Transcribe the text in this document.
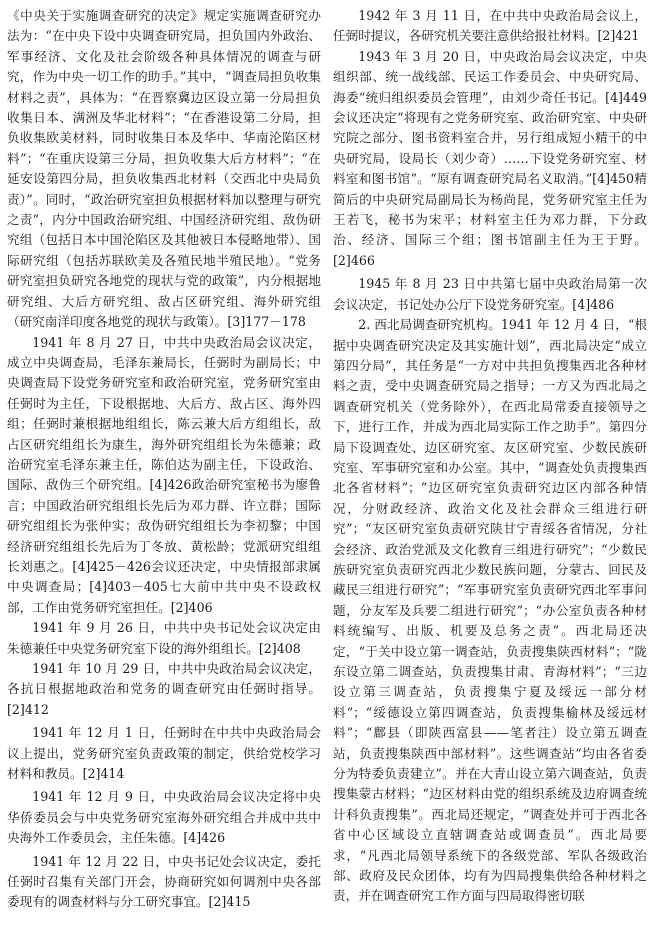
《中央关于实施调查研究的决定》规定实施调查研究办法为：“在中央下设中央调查研究局，担负国内外政治、军事经济、文化及社会阶级各种具体情况的调查与研究，作为中央一切工作的助手。”其中，“调查局担负收集材料之责”，具体为：“在晋察冀边区设立第一分局担负收集日本、满洲及华北材料”；“在香港设第二分局，担负收集欧美材料，同时收集日本及华中、华南沦陷区材料”；“在重庆设第三分局，担负收集大后方材料”；“在延安设第四分局，担负收集西北材料（交西北中央局负责）”。同时，“政治研究室担负根据材料加以整理与研究之责”，内分中国政治研究组、中国经济研究组、敌伪研究组（包括日本中国沦陷区及其他被日本侵略地带）、国际研究组（包括苏联欧美及各殖民地半殖民地）。“党务研究室担负研究各地党的现状与党的政策”，内分根据地研究组、大后方研究组、敌占区研究组、海外研究组（研究南洋印度各地党的现状与政策）。[3]177－178

1941 年 8 月 27 日，中共中央政治局会议决定，成立中央调查局，毛泽东兼局长，任弼时为副局长；中央调查局下设党务研究室和政治研究室，党务研究室由任弼时为主任，下设根据地、大后方、敌占区、海外四组；任弼时兼根据地组组长，陈云兼大后方组组长，敌占区研究组组长为康生，海外研究组组长为朱德兼；政治研究室毛泽东兼主任，陈伯达为副主任，下设政治、国际、敌伪三个研究组。[4]426政治研究室秘书为廖鲁言；中国政治研究组组长先后为邓力群、许立群；国际研究组组长为张仲实；敌伪研究组组长为李初黎；中国经济研究组组长先后为丁冬放、黄松龄；党派研究组组长刘惠之。[4]425－426会议还决定，中央情报部隶属中央调查局；[4]403－405七大前中共中央不设政权部，工作由党务研究室担任。[2]406

1941 年 9 月 26 日，中共中央书记处会议决定由朱德兼任中央党务研究室下设的海外组组长。[2]408

1941 年 10 月 29 日，中共中央政治局会议决定，各抗日根据地政治和党务的调查研究由任弼时指导。[2]412

1941 年 12 月 1 日，任弼时在中共中央政治局会议上提出，党务研究室负责政策的制定，供给党校学习材料和教员。[2]414

1941 年 12 月 9 日，中央政治局会议决定将中央华侨委员会与中央党务研究室海外研究组合并成中共中央海外工作委员会，主任朱德。[4]426

1941 年 12 月 22 日，中央书记处会议决定，委托任弼时召集有关部门开会，协商研究如何调剂中央各部委现有的调查材料与分工研究事宜。[2]415

1942 年 3 月 11 日，在中共中央政治局会议上，任弼时提议，各研究机关要注意供给报社材料。[2]421

1943 年 3 月 20 日，中央政治局会议决定，中央组织部、统一战线部、民运工作委员会、中央研究局、海委“统归组织委员会管理”，由刘少奇任书记。[4]449会议还决定“将现有之党务研究室、政治研究室、中央研究院之部分、图书资料室合并，另行组成短小精干的中央研究局，设局长（刘少奇）……下设党务研究室、材料室和图书馆”。“原有调查研究局名义取消。”[4]450精简后的中央研究局副局长为杨尚昆，党务研究室主任为王若飞，秘书为宋平；材料室主任为邓力群，下分政治、经济、国际三个组；图书馆副主任为王于野。[2]466

1945 年 8 月 23 日中共第七届中央政治局第一次会议决定，书记处办公厅下设党务研究室。[4]486

2. 西北局调查研究机构。1941 年 12 月 4 日，“根据中央调查研究决定及其实施计划”，西北局决定“成立第四分局”，其任务是“一方对中共担负搜集西北各种材料之责，受中央调查研究局之指导；一方又为西北局之调查研究机关（党务除外），在西北局常委直接领导之下，进行工作，并成为西北局实际工作之助手”。第四分局下设调查处、边区研究室、友区研究室、少数民族研究室、军事研究室和办公室。其中，“调查处负责搜集西北各省材料”；“边区研究室负责研究边区内部各种情况，分财政经济、政治文化及社会群众三组进行研究”；“友区研究室负责研究陕甘宁青绥各省情况，分社会经济、政治党派及文化教育三组进行研究”；“少数民族研究室负责研究西北少数民族问题，分蒙古、回民及藏民三组进行研究”；“军事研究室负责研究西北军事问题，分友军及兵要二组进行研究”；“办公室负责各种材料统编写、出版、机要及总务之责”。西北局还决定，“于关中设立第一调查站，负责搜集陕西材料”；“陇东设立第二调查站，负责搜集甘肃、青海材料”；“三边设立第三调查站，负责搜集宁夏及绥远一部分材料”；“绥德设立第四调查站，负责搜集榆林及绥远材料”；“鄜县（即陕西富县——笔者注）设立第五调查站，负责搜集陕西中部材料”。这些调查站“均由各省委分为特委负责建立”。并在大青山设立第六调查站，负责搜集蒙古材料；“边区材料由党的组织系统及边府调查统计科负责搜集”。西北局还规定，“调查处并可于西北各省中心区域设立直辖调查站或调查员”。西北局要求，“凡西北局领导系统下的各级党部、军队各级政治部、政府及民众团体，均有为四局搜集供给各种材料之责，并在调查研究工作方面与四局取得密切联
